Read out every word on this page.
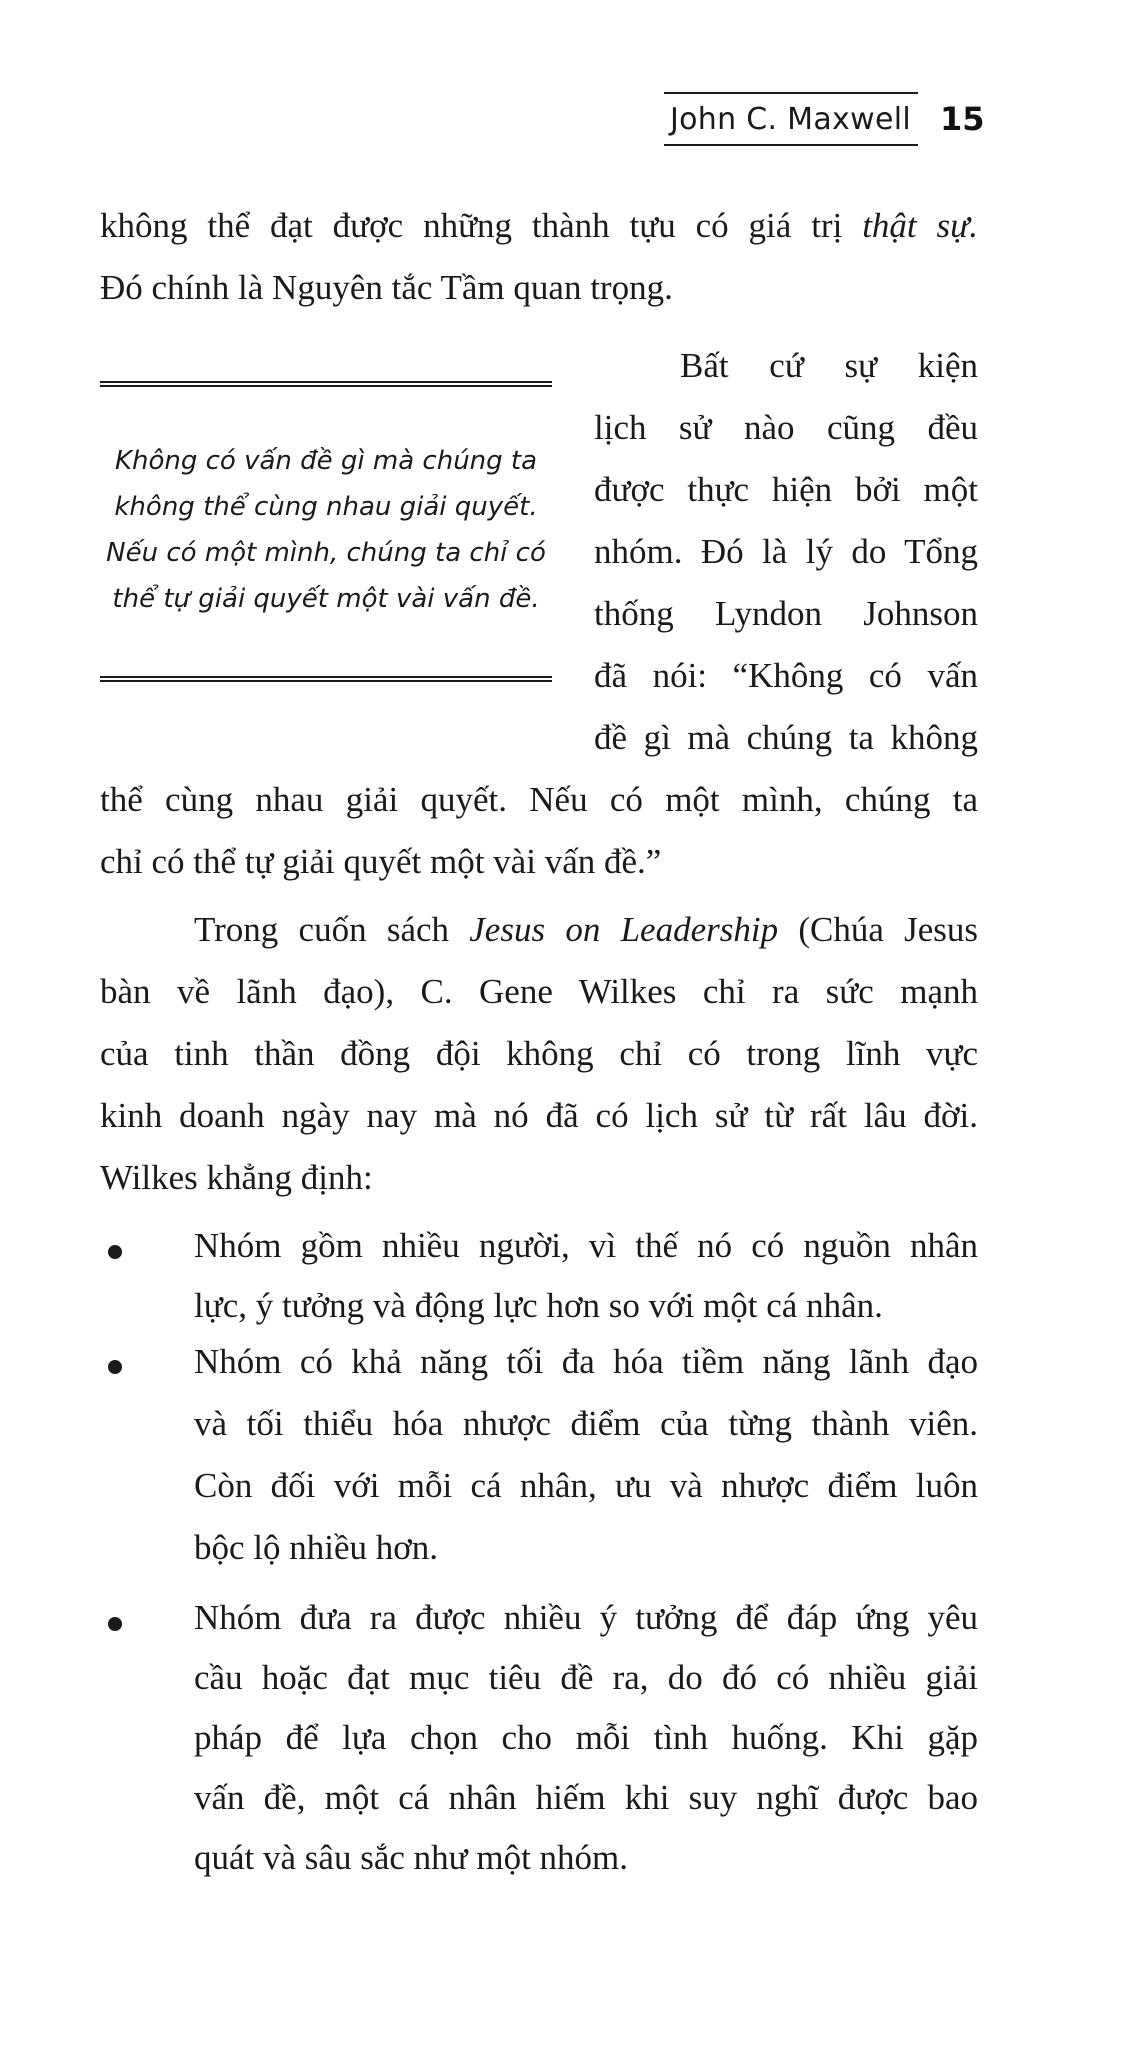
John C. Maxwell 15
không thể đạt được những thành tựu có giá trị thật sự.
Đó chính là Nguyên tắc Tầm quan trọng.
Không có vấn đề gì mà chúng ta
không thể cùng nhau giải quyết.
Nếu có một mình, chúng ta chỉ có
thể tự giải quyết một vài vấn đề.
Bất cứ sự kiện
lịch sử nào cũng đều
được thực hiện bởi một
nhóm. Đó là lý do Tổng
thống Lyndon Johnson
đã nói: “Không có vấn
đề gì mà chúng ta không
thể cùng nhau giải quyết. Nếu có một mình, chúng ta
chỉ có thể tự giải quyết một vài vấn đề.”
Trong cuốn sách Jesus on Leadership (Chúa Jesus
bàn về lãnh đạo), C. Gene Wilkes chỉ ra sức mạnh
của tinh thần đồng đội không chỉ có trong lĩnh vực
kinh doanh ngày nay mà nó đã có lịch sử từ rất lâu đời.
Wilkes khẳng định:
Nhóm gồm nhiều người, vì thế nó có nguồn nhân
lực, ý tưởng và động lực hơn so với một cá nhân.
Nhóm có khả năng tối đa hóa tiềm năng lãnh đạo
và tối thiểu hóa nhược điểm của từng thành viên.
Còn đối với mỗi cá nhân, ưu và nhược điểm luôn
bộc lộ nhiều hơn.
Nhóm đưa ra được nhiều ý tưởng để đáp ứng yêu
cầu hoặc đạt mục tiêu đề ra, do đó có nhiều giải
pháp để lựa chọn cho mỗi tình huống. Khi gặp
vấn đề, một cá nhân hiếm khi suy nghĩ được bao
quát và sâu sắc như một nhóm.
